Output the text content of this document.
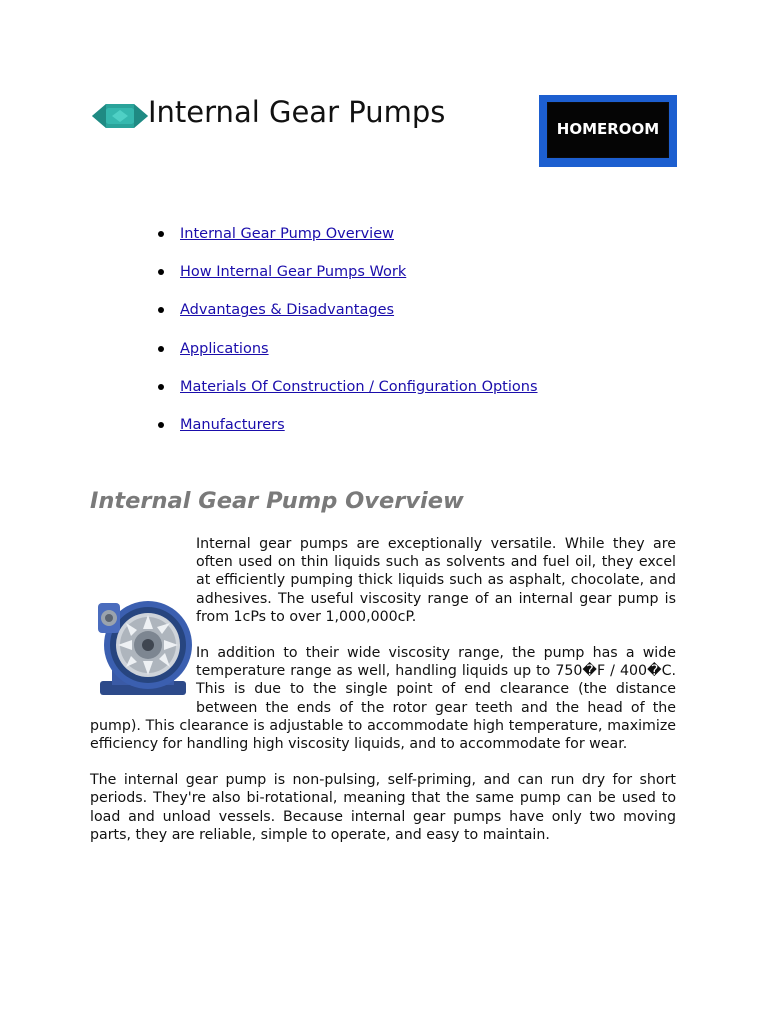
Internal Gear Pumps	HOMEROOM
Internal Gear Pump Overview
How Internal Gear Pumps Work
Advantages & Disadvantages
Applications
Materials Of Construction / Configuration Options
Manufacturers
Internal Gear Pump Overview

Internal gear pumps are exceptionally versatile. While they are often used on thin liquids such as solvents and fuel oil, they excel at efficiently pumping thick liquids such as asphalt, chocolate, and adhesives. The useful viscosity range of an internal gear pump is from 1cPs to over 1,000,000cP.

In addition to their wide viscosity range, the pump has a wide temperature range as well, handling liquids up to 750�F / 400�C. This is due to the single point of end clearance (the distance between the ends of the rotor gear teeth and the head of the pump). This clearance is adjustable to accommodate high temperature, maximize efficiency for handling high viscosity liquids, and to accommodate for wear.

The internal gear pump is non-pulsing, self-priming, and can run dry for short periods. They're also bi-rotational, meaning that the same pump can be used to load and unload vessels. Because internal gear pumps have only two moving parts, they are reliable, simple to operate, and easy to maintain.
